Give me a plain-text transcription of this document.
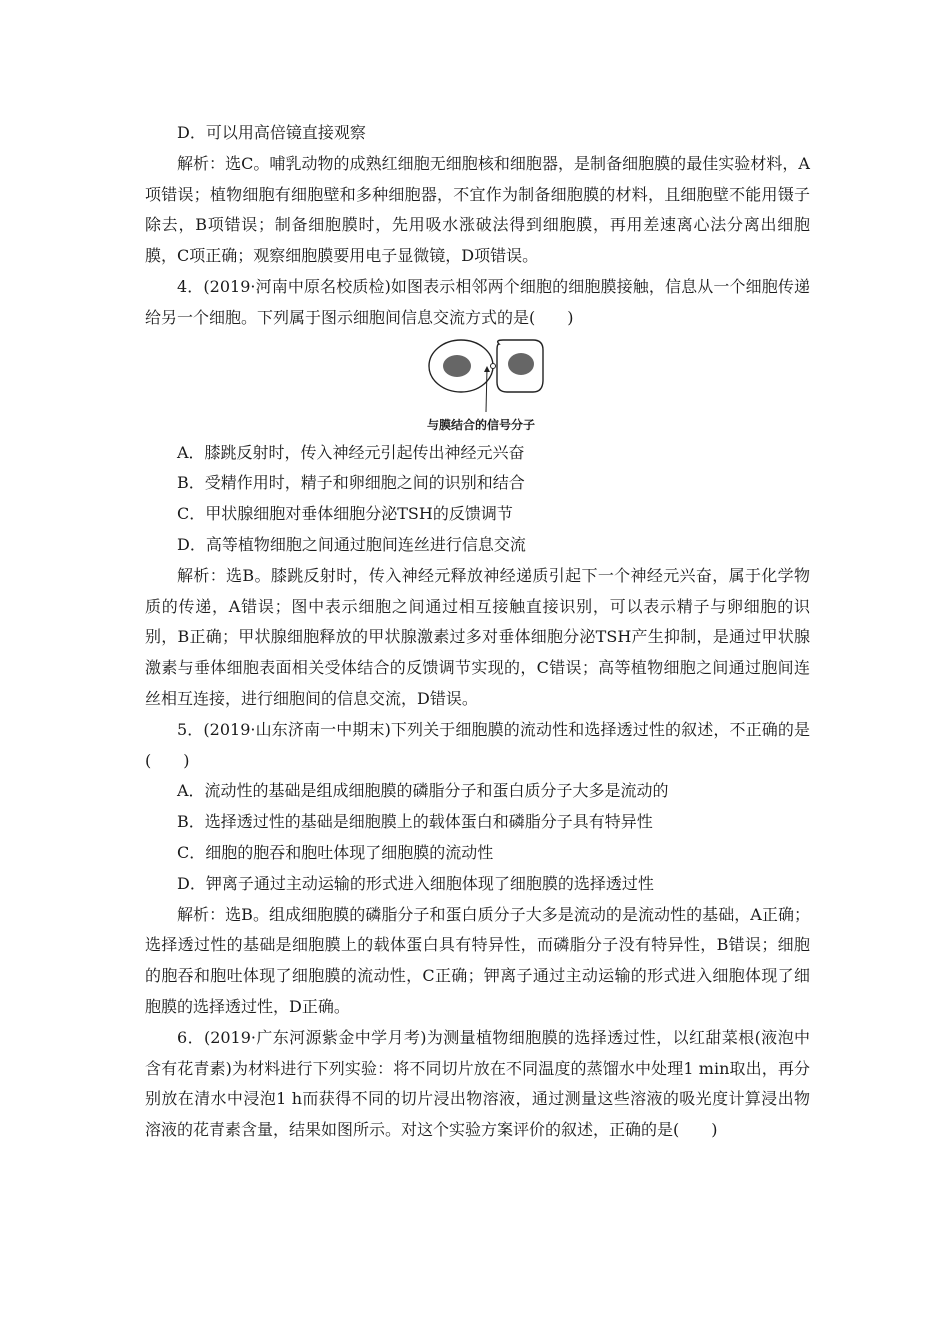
D．可以用高倍镜直接观察

解析：选C。哺乳动物的成熟红细胞无细胞核和细胞器，是制备细胞膜的最佳实验材料，A项错误；植物细胞有细胞壁和多种细胞器，不宜作为制备细胞膜的材料，且细胞壁不能用镊子除去，B项错误；制备细胞膜时，先用吸水涨破法得到细胞膜，再用差速离心法分离出细胞膜，C项正确；观察细胞膜要用电子显微镜，D项错误。

4．(2019·河南中原名校质检)如图表示相邻两个细胞的细胞膜接触，信息从一个细胞传递给另一个细胞。下列属于图示细胞间信息交流方式的是(　　)

与膜结合的信号分子

A．膝跳反射时，传入神经元引起传出神经元兴奋

B．受精作用时，精子和卵细胞之间的识别和结合

C．甲状腺细胞对垂体细胞分泌TSH的反馈调节

D．高等植物细胞之间通过胞间连丝进行信息交流

解析：选B。膝跳反射时，传入神经元释放神经递质引起下一个神经元兴奋，属于化学物质的传递，A错误；图中表示细胞之间通过相互接触直接识别，可以表示精子与卵细胞的识别，B正确；甲状腺细胞释放的甲状腺激素过多对垂体细胞分泌TSH产生抑制，是通过甲状腺激素与垂体细胞表面相关受体结合的反馈调节实现的，C错误；高等植物细胞之间通过胞间连丝相互连接，进行细胞间的信息交流，D错误。

5．(2019·山东济南一中期末)下列关于细胞膜的流动性和选择透过性的叙述，不正确的是(　　)

A．流动性的基础是组成细胞膜的磷脂分子和蛋白质分子大多是流动的

B．选择透过性的基础是细胞膜上的载体蛋白和磷脂分子具有特异性

C．细胞的胞吞和胞吐体现了细胞膜的流动性

D．钾离子通过主动运输的形式进入细胞体现了细胞膜的选择透过性

解析：选B。组成细胞膜的磷脂分子和蛋白质分子大多是流动的是流动性的基础，A正确；选择透过性的基础是细胞膜上的载体蛋白具有特异性，而磷脂分子没有特异性，B错误；细胞的胞吞和胞吐体现了细胞膜的流动性，C正确；钾离子通过主动运输的形式进入细胞体现了细胞膜的选择透过性，D正确。

6．(2019·广东河源紫金中学月考)为测量植物细胞膜的选择透过性，以红甜菜根(液泡中含有花青素)为材料进行下列实验：将不同切片放在不同温度的蒸馏水中处理1 min取出，再分别放在清水中浸泡1 h而获得不同的切片浸出物溶液，通过测量这些溶液的吸光度计算浸出物溶液的花青素含量，结果如图所示。对这个实验方案评价的叙述，正确的是(　　)
